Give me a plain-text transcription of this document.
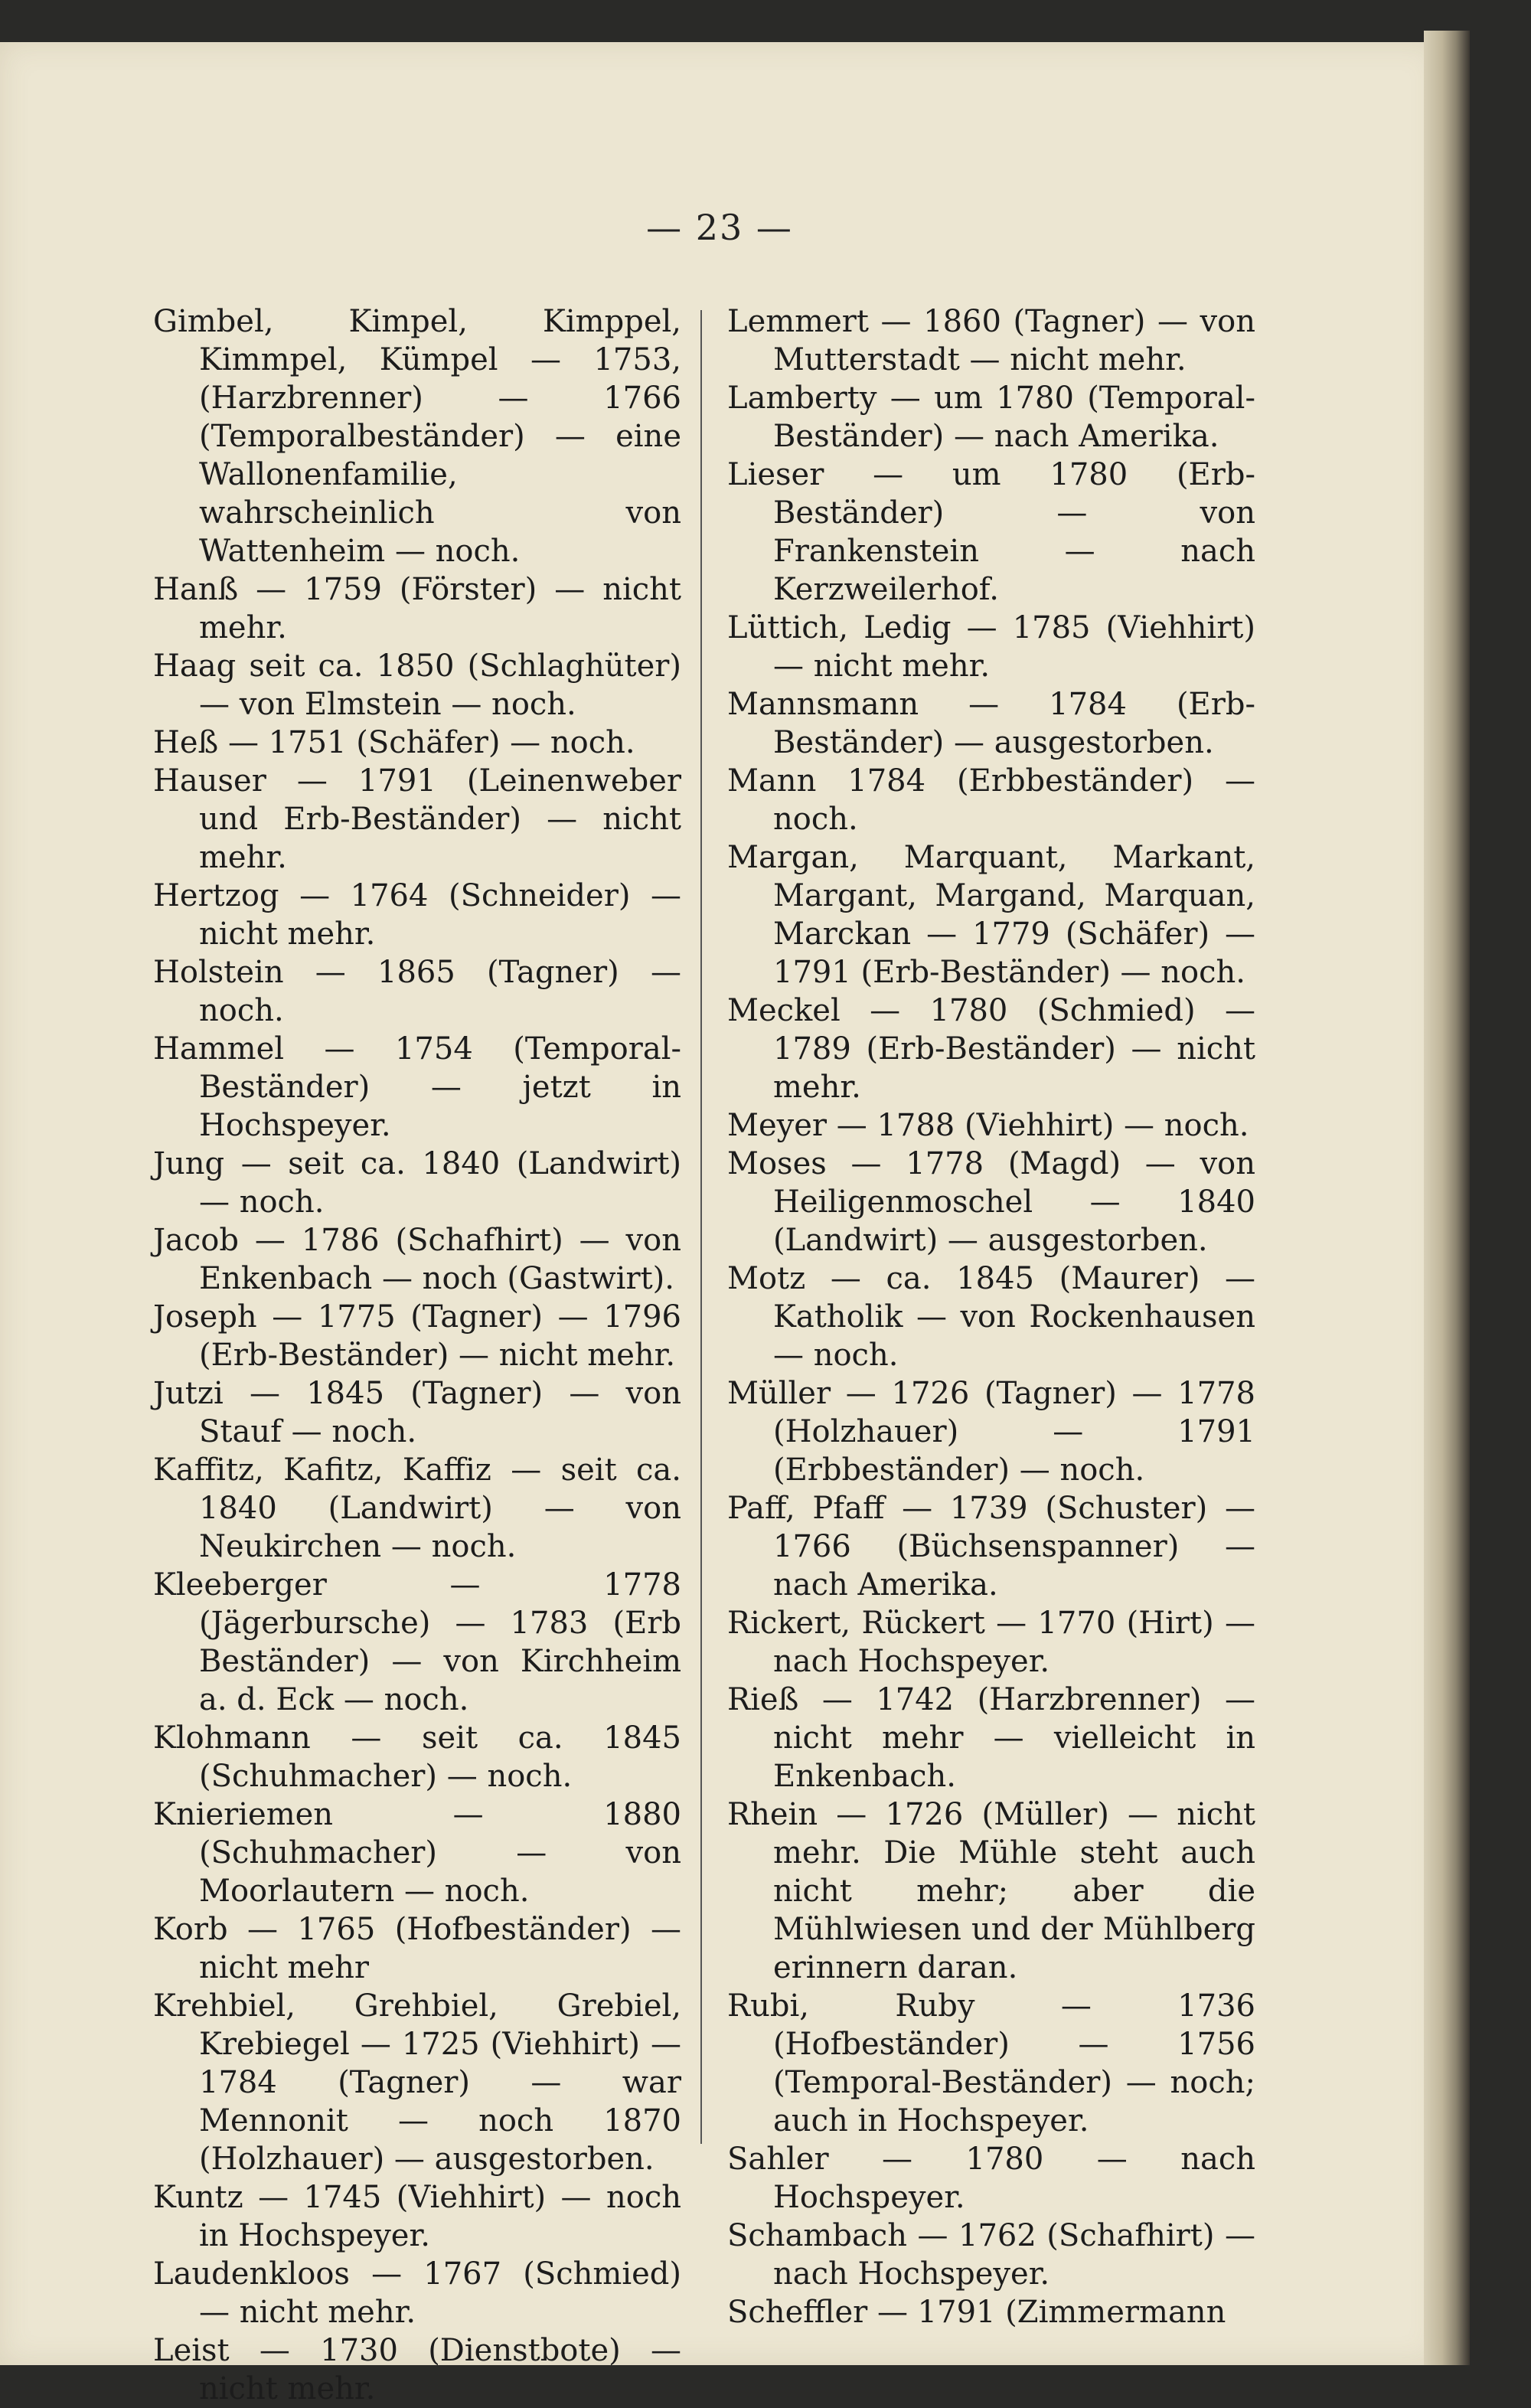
— 23 —

Gimbel, Kimpel, Kimppel, Kimmpel, Kümpel — 1753, (Harzbrenner) — 1766 (Temporalbeständer) — eine Wallonenfamilie, wahrscheinlich von Wattenheim — noch.

Hanß — 1759 (Förster) — nicht mehr.

Haag seit ca. 1850 (Schlaghüter) — von Elmstein — noch.

Heß — 1751 (Schäfer) — noch.

Hauser — 1791 (Leinenweber und Erb-Beständer) — nicht mehr.

Hertzog — 1764 (Schneider) — nicht mehr.

Holstein — 1865 (Tagner) — noch.

Hammel — 1754 (Temporal-Beständer) — jetzt in Hochspeyer.

Jung — seit ca. 1840 (Landwirt) — noch.

Jacob — 1786 (Schafhirt) — von Enkenbach — noch (Gastwirt).

Joseph — 1775 (Tagner) — 1796 (Erb-Beständer) — nicht mehr.

Jutzi — 1845 (Tagner) — von Stauf — noch.

Kaffitz, Kafitz, Kaffiz — seit ca. 1840 (Landwirt) — von Neukirchen — noch.

Kleeberger — 1778 (Jägerbursche) — 1783 (Erb Beständer) — von Kirchheim a. d. Eck — noch.

Klohmann — seit ca. 1845 (Schuhmacher) — noch.

Knieriemen — 1880 (Schuhmacher) — von Moorlautern — noch.

Korb — 1765 (Hofbeständer) — nicht mehr

Krehbiel, Grehbiel, Grebiel, Krebiegel — 1725 (Viehhirt) — 1784 (Tagner) — war Mennonit — noch 1870 (Holzhauer) — ausgestorben.

Kuntz — 1745 (Viehhirt) — noch in Hochspeyer.

Laudenkloos — 1767 (Schmied) — nicht mehr.

Leist — 1730 (Dienstbote) — nicht mehr.

Lemmert — 1860 (Tagner) — von Mutterstadt — nicht mehr.

Lamberty — um 1780 (Temporal-Beständer) — nach Amerika.

Lieser — um 1780 (Erb-Beständer) — von Frankenstein — nach Kerzweilerhof.

Lüttich, Ledig — 1785 (Viehhirt) — nicht mehr.

Mannsmann — 1784 (Erb-Beständer) — ausgestorben.

Mann 1784 (Erbbeständer) — noch.

Margan, Marquant, Markant, Margant, Margand, Marquan, Marckan — 1779 (Schäfer) — 1791 (Erb-Beständer) — noch.

Meckel — 1780 (Schmied) — 1789 (Erb-Beständer) — nicht mehr.

Meyer — 1788 (Viehhirt) — noch.

Moses — 1778 (Magd) — von Heiligenmoschel — 1840 (Landwirt) — ausgestorben.

Motz — ca. 1845 (Maurer) — Katholik — von Rockenhausen — noch.

Müller — 1726 (Tagner) — 1778 (Holzhauer) — 1791 (Erbbeständer) — noch.

Paff, Pfaff — 1739 (Schuster) — 1766 (Büchsenspanner) — nach Amerika.

Rickert, Rückert — 1770 (Hirt) — nach Hochspeyer.

Rieß — 1742 (Harzbrenner) — nicht mehr — vielleicht in Enkenbach.

Rhein — 1726 (Müller) — nicht mehr. Die Mühle steht auch nicht mehr; aber die Mühlwiesen und der Mühlberg erinnern daran.

Rubi, Ruby — 1736 (Hofbeständer) — 1756 (Temporal-Beständer) — noch; auch in Hochspeyer.

Sahler — 1780 — nach Hochspeyer.

Schambach — 1762 (Schafhirt) — nach Hochspeyer.

Scheffler — 1791 (Zimmermann
